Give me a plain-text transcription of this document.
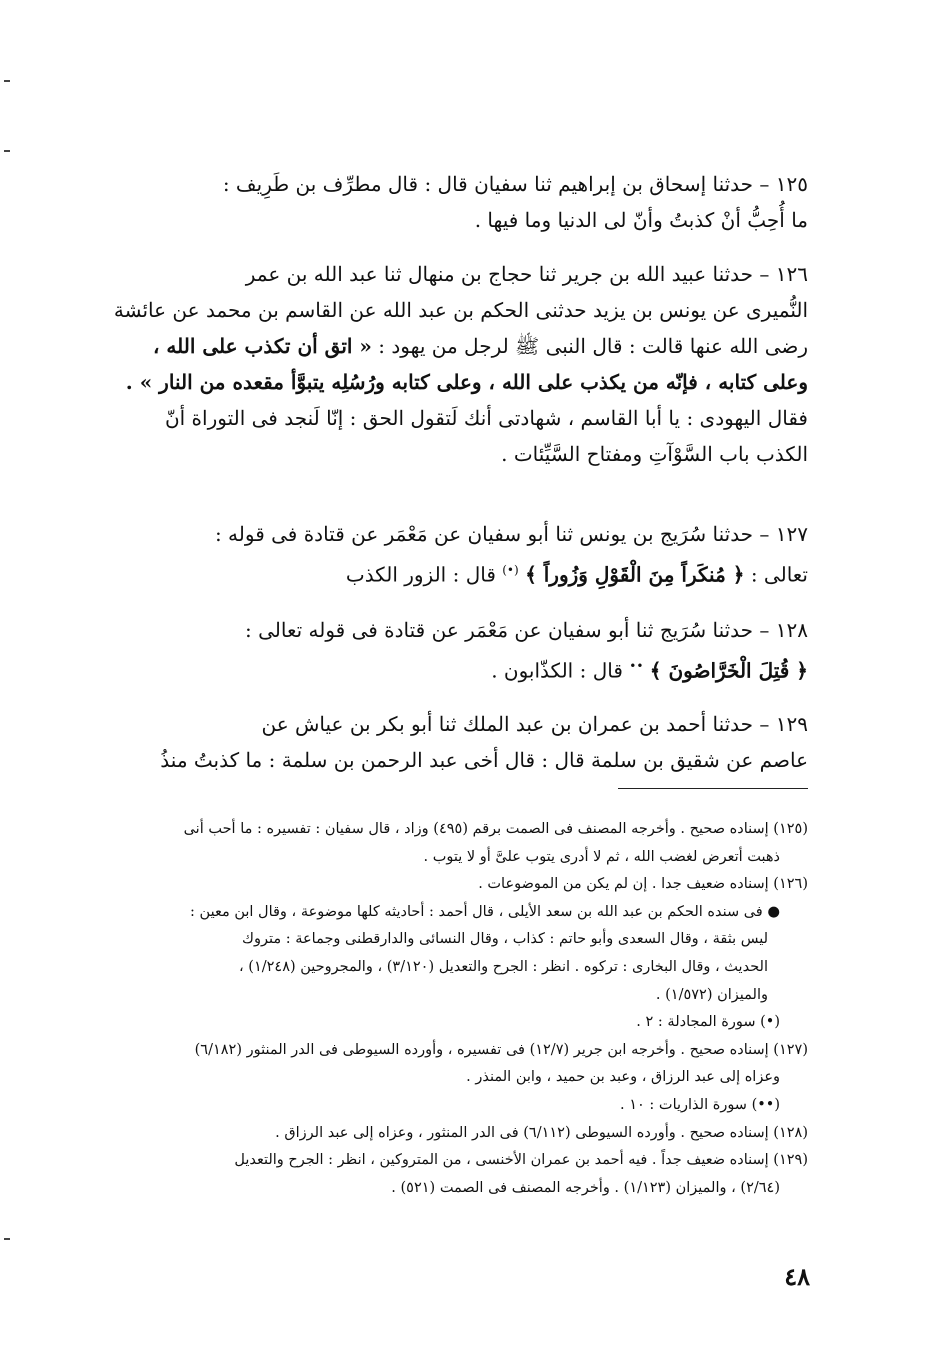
١٢٥ – حدثنا إسحاق بن إبراهيم ثنا سفيان قال : قال مطرِّف بن طَرِيف :

ما أُحِبُّ أنْ كذبتُ وأنّ لى الدنيا وما فيها .

١٢٦ – حدثنا عبيد الله بن جرير ثنا حجاج بن منهال ثنا عبد الله بن عمر

النُّميرى عن يونس بن يزيد حدثنى الحكم بن عبد الله عن القاسم بن محمد عن عائشة

رضى الله عنها قالت : قال النبى ﷺ لرجل من يهود : « اتق أن تكذب على الله ،

وعلى كتابه ، فإنّه من يكذب على الله ، وعلى كتابه ورُسُلِه يتبوَّأ مقعده من النار » .

فقال اليهودى : يا أبا القاسم ، شهادتى أنك لَتقول الحق : إنّا لَنجد فى التوراة أنّ

الكذب باب السَّوْآتِ ومفتاح السَّيِّئات .

١٢٧ – حدثنا سُرَيج بن يونس ثنا أبو سفيان عن مَعْمَر عن قتادة فى قوله :

تعالى : ﴿ مُنكَراً مِنَ الْقَوْلِ وَزُوراً ﴾ (•) قال : الزور الكذب

١٢٨ – حدثنا سُرَيج ثنا أبو سفيان عن مَعْمَر عن قتادة فى قوله تعالى :

﴿ قُتِلَ الْخَرَّاصُونَ ﴾ •• قال : الكذّابون .

١٢٩ – حدثنا أحمد بن عمران بن عبد الملك ثنا أبو بكر بن عياش عن

عاصم عن شقيق بن سلمة قال : قال أخى عبد الرحمن بن سلمة : ما كذبتُ منذُ

(١٢٥) إسناده صحيح . وأخرجه المصنف فى الصمت برقم (٤٩٥) وزاد ، قال سفيان : تفسيره : ما أحب أنى
ذهبت أتعرض لغضب الله ، ثم لا أدرى يتوب علىَّ أو لا يتوب .
(١٢٦) إسناده ضعيف جدا . إن لم يكن من الموضوعات .
● فى سنده الحكم بن عبد الله بن سعد الأيلى ، قال أحمد : أحاديثه كلها موضوعة ، وقال ابن معين :
ليس بثقة ، وقال السعدى وأبو حاتم : كذاب ، وقال النسائى والدارقطنى وجماعة : متروك
الحديث ، وقال البخارى : تركوه . انظر : الجرح والتعديل (٣/١٢٠) ، والمجروحين (١/٢٤٨) ،
والميزان (١/٥٧٢) .
(•) سورة المجادلة : ٢ .
(١٢٧) إسناده صحيح . وأخرجه ابن جرير (١٢/٧) فى تفسيره ، وأورده السيوطى فى الدر المنثور (٦/١٨٢)
وعزاه إلى عبد الرزاق ، وعبد بن حميد ، وابن المنذر .
(••) سورة الذاريات : ١٠ .
(١٢٨) إسناده صحيح . وأورده السيوطى (٦/١١٢) فى الدر المنثور ، وعزاه إلى عبد الرزاق .
(١٢٩) إسناده ضعيف جداً . فيه أحمد بن عمران الأخنسى ، من المتروكين ، انظر : الجرح والتعديل
(٢/٦٤) ، والميزان (١/١٢٣) . وأخرجه المصنف فى الصمت (٥٢١) .
٤٨
